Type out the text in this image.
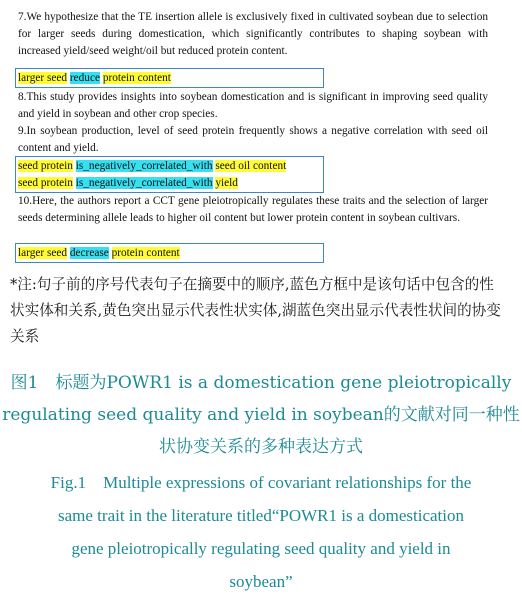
7.We hypothesize that the TE insertion allele is exclusively fixed in cultivated soybean due to selection for larger seeds during domestication, which significantly contributes to shaping soybean with increased yield/seed weight/oil but reduced protein content.
larger seed reduce protein content
8.This study provides insights into soybean domestication and is significant in improving seed quality and yield in soybean and other crop species.
9.In soybean production, level of seed protein frequently shows a negative correlation with seed oil content and yield.
seed protein is_negatively_correlated_with seed oil content
seed protein is_negatively_correlated_with yield
10.Here, the authors report a CCT gene pleiotropically regulates these traits and the selection of larger seeds determining allele leads to higher oil content but lower protein content in soybean cultivars.
larger seed decrease protein content
*注:句子前的序号代表句子在摘要中的顺序,蓝色方框中是该句话中包含的性状实体和关系,黄色突出显示代表性状实体,湖蓝色突出显示代表性状间的协变关系
图1　标题为POWR1 is a domestication gene pleiotropically
regulating seed quality and yield in soybean的文献对同一种性
状协变关系的多种表达方式
Fig.1　Multiple expressions of covariant relationships for the
same trait in the literature titled“POWR1 is a domestication
gene pleiotropically regulating seed quality and yield in
soybean”
